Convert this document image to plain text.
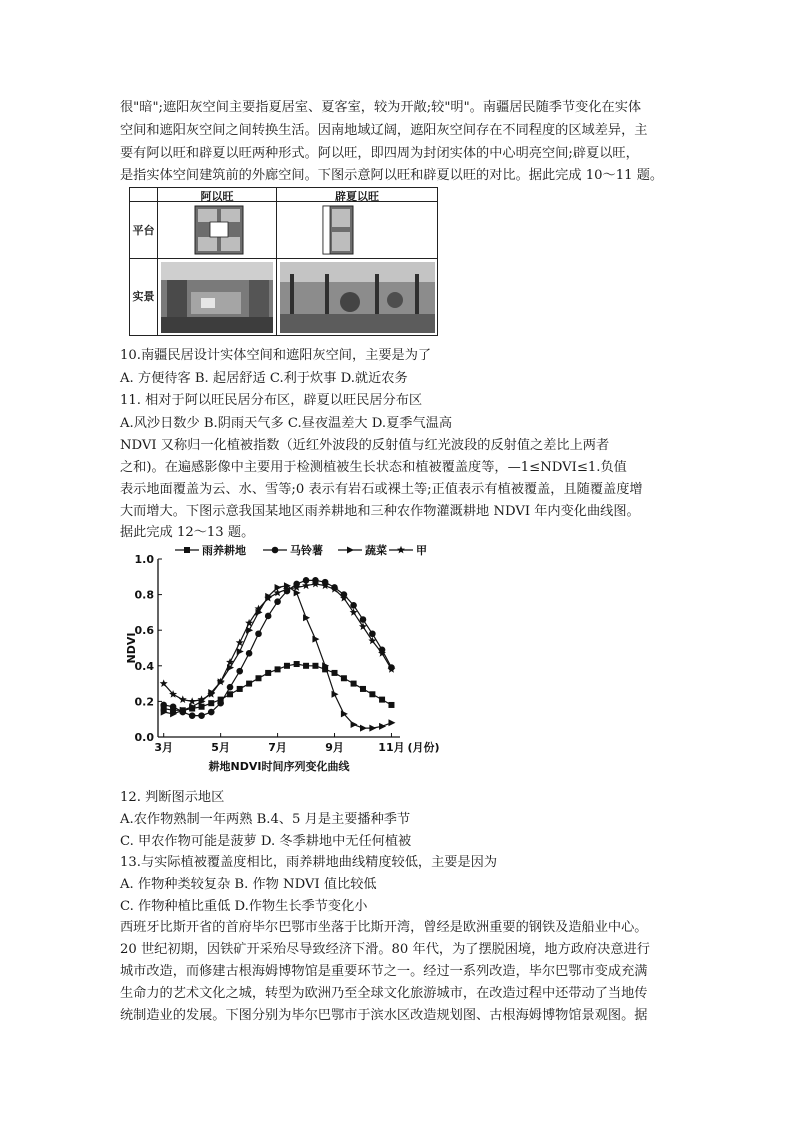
很"暗";遮阳灰空间主要指夏居室、夏客室，较为开敞;较"明"。南疆居民随季节变化在实体
空间和遮阳灰空间之间转换生活。因南地域辽阔，遮阳灰空间存在不同程度的区域差异，主
要有阿以旺和辟夏以旺两种形式。阿以旺，即四周为封闭实体的中心明亮空间;辟夏以旺，
是指实体空间建筑前的外廊空间。下图示意阿以旺和辟夏以旺的对比。据此完成 10～11 题。
阿以旺	辟夏以旺
平台
实景
10.南疆民居设计实体空间和遮阳灰空间，主要是为了
A. 方便待客 B. 起居舒适 C.利于炊事 D.就近农务
11. 相对于阿以旺民居分布区，辟夏以旺民居分布区
A.风沙日数少 B.阴雨天气多 C.昼夜温差大 D.夏季气温高
NDVI 又称归一化植被指数（近红外波段的反射值与红光波段的反射值之差比上两者
之和)。在遍感影像中主要用于检测植被生长状态和植被覆盖度等，—1≤NDVI≤1.负值
表示地面覆盖为云、水、雪等;0 表示有岩石或裸土等;正值表示有植被覆盖，且随覆盖度增
大而增大。下图示意我国某地区雨养耕地和三种农作物灌溉耕地 NDVI 年内变化曲线图。
据此完成 12～13 题。
0.0
0.2
0.4
0.6
0.8
1.0
3月	5月	7月	9月	11月 (月份)
NDVI
耕地NDVI时间序列变化曲线
雨养耕地	马铃薯	蔬菜	甲
12. 判断图示地区
A.农作物熟制一年两熟 B.4、5 月是主要播种季节
C. 甲农作物可能是菠萝 D. 冬季耕地中无任何植被
13.与实际植被覆盖度相比，雨养耕地曲线精度较低，主要是因为
A. 作物种类较复杂 B. 作物 NDVI 值比较低
C. 作物种植比重低 D.作物生长季节变化小
西班牙比斯开省的首府毕尔巴鄂市坐落于比斯开湾，曾经是欧洲重要的钢铁及造船业中心。
20 世纪初期，因铁矿开采殆尽导致经济下滑。80 年代，为了摆脱困境，地方政府决意进行
城市改造，而修建古根海姆博物馆是重要环节之一。经过一系列改造，毕尔巴鄂市变成充满
生命力的艺术文化之城，转型为欧洲乃至全球文化旅游城市，在改造过程中还带动了当地传
统制造业的发展。下图分别为毕尔巴鄂市于滨水区改造规划图、古根海姆博物馆景观图。据
